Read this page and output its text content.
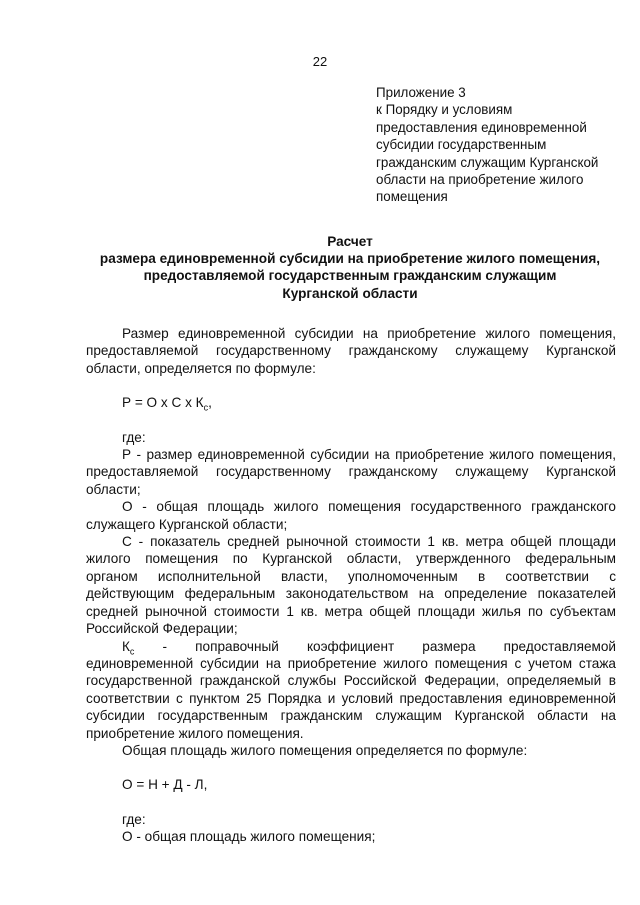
22
Приложение 3
к Порядку и условиям
предоставления единовременной
субсидии государственным
гражданским служащим Курганской
области на приобретение жилого
помещения
Расчет
размера единовременной субсидии на приобретение жилого помещения,
предоставляемой государственным гражданским служащим
Курганской области
Размер единовременной субсидии на приобретение жилого помещения,
предоставляемой государственному гражданскому служащему Курганской
области, определяется по формуле:
Р = О х С х $К_с$,
где:
Р - размер единовременной субсидии на приобретение жилого помещения,
предоставляемой государственному гражданскому служащему Курганской
области;
О - общая площадь жилого помещения государственного гражданского
служащего Курганской области;
С - показатель средней рыночной стоимости 1 кв. метра общей площади
жилого помещения по Курганской области, утвержденного федеральным
органом исполнительной власти, уполномоченным в соответствии с
действующим федеральным законодательством на определение показателей
средней рыночной стоимости 1 кв. метра общей площади жилья по субъектам
Российской Федерации;
$К_с$ - поправочный коэффициент размера предоставляемой
единовременной субсидии на приобретение жилого помещения с учетом стажа
государственной гражданской службы Российской Федерации, определяемый в
соответствии с пунктом 25 Порядка и условий предоставления единовременной
субсидии государственным гражданским служащим Курганской области на
приобретение жилого помещения.
Общая площадь жилого помещения определяется по формуле:
О = Н + Д - Л,
где:
О - общая площадь жилого помещения;
